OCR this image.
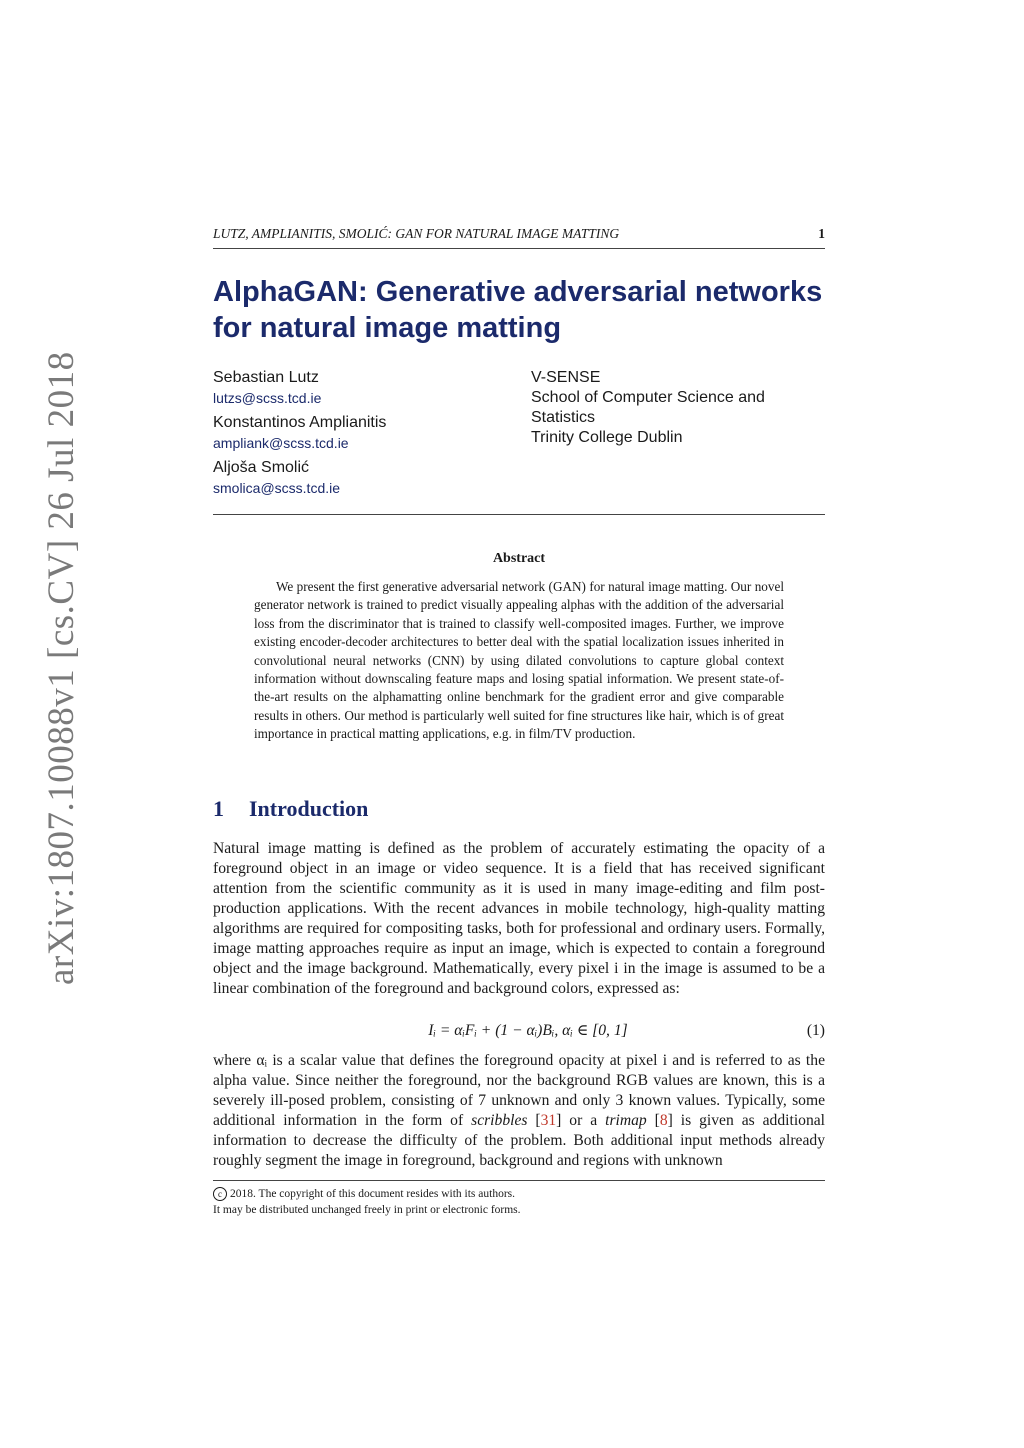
arXiv:1807.10088v1 [cs.CV] 26 Jul 2018
LUTZ, AMPLIANITIS, SMOLIĆ: GAN FOR NATURAL IMAGE MATTING	1
AlphaGAN: Generative adversarial networks
for natural image matting
Sebastian Lutz
lutzs@scss.tcd.ie
Konstantinos Amplianitis
ampliank@scss.tcd.ie
Aljoša Smolić
smolica@scss.tcd.ie
V-SENSE
School of Computer Science and
Statistics
Trinity College Dublin
Abstract
We present the first generative adversarial network (GAN) for natural image matting. Our novel generator network is trained to predict visually appealing alphas with the addition of the adversarial loss from the discriminator that is trained to classify well-composited images. Further, we improve existing encoder-decoder architectures to better deal with the spatial localization issues inherited in convolutional neural networks (CNN) by using dilated convolutions to capture global context information without downscaling feature maps and losing spatial information. We present state-of-the-art results on the alphamatting online benchmark for the gradient error and give comparable results in others. Our method is particularly well suited for fine structures like hair, which is of great importance in practical matting applications, e.g. in film/TV production.
1 Introduction
Natural image matting is defined as the problem of accurately estimating the opacity of a foreground object in an image or video sequence. It is a field that has received significant attention from the scientific community as it is used in many image-editing and film post-production applications. With the recent advances in mobile technology, high-quality matting algorithms are required for compositing tasks, both for professional and ordinary users. Formally, image matting approaches require as input an image, which is expected to contain a foreground object and the image background. Mathematically, every pixel i in the image is assumed to be a linear combination of the foreground and background colors, expressed as:
Iᵢ = αᵢFᵢ + (1 − αᵢ)Bᵢ, αᵢ ∈ [0, 1]	(1)
where αᵢ is a scalar value that defines the foreground opacity at pixel i and is referred to as the alpha value. Since neither the foreground, nor the background RGB values are known, this is a severely ill-posed problem, consisting of 7 unknown and only 3 known values. Typically, some additional information in the form of scribbles [31] or a trimap [8] is given as additional information to decrease the difficulty of the problem. Both additional input methods already roughly segment the image in foreground, background and regions with unknown
c 2018. The copyright of this document resides with its authors.
It may be distributed unchanged freely in print or electronic forms.
